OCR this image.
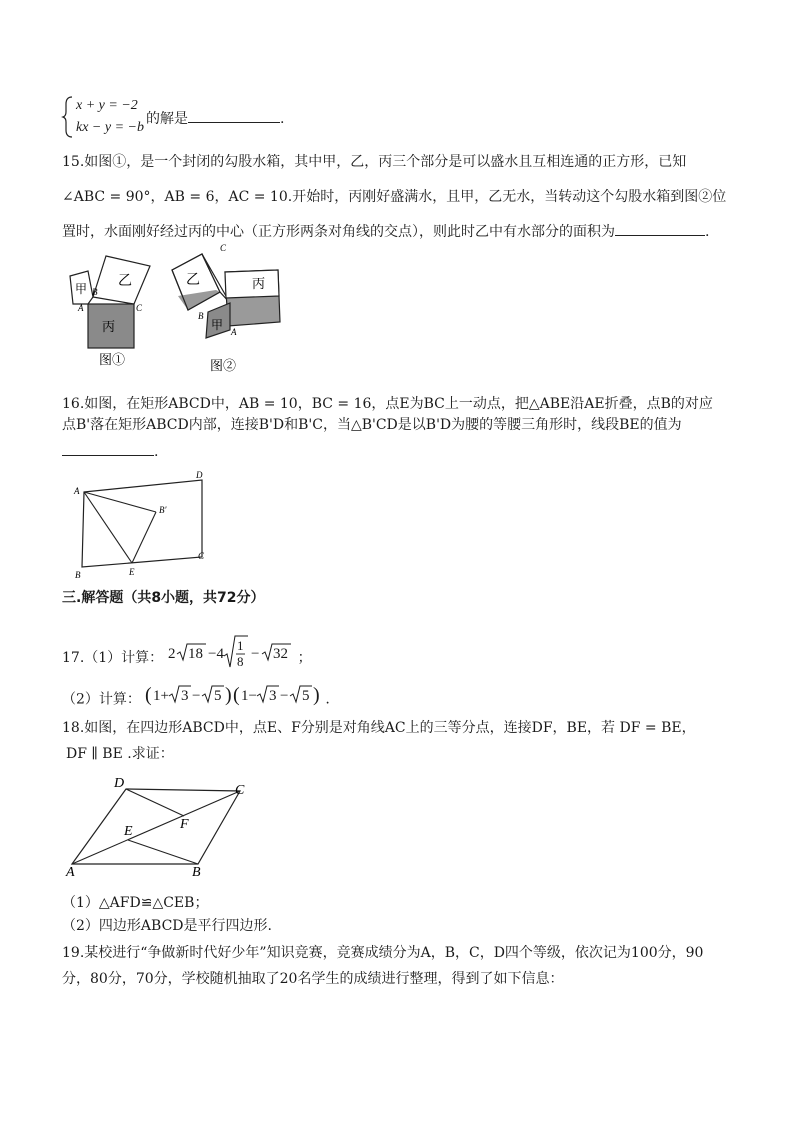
x + y = −2
kx − y = −b
的解是	.
15.如图①，是一个封闭的勾股水箱，其中甲，乙，丙三个部分是可以盛水且互相连通的正方形，已知
∠ABC = 90°，AB = 6，AC = 10.开始时，丙刚好盛满水，且甲，乙无水，当转动这个勾股水箱到图②位
置时，水面刚好经过丙的中心（正方形两条对角线的交点），则此时乙中有水部分的面积为	.
甲 乙
丙
A
B
C
图①
乙	丙
甲
C
B
A
图②
16.如图，在矩形ABCD中，AB = 10，BC = 16，点E为BC上一动点，把△ABE沿AE折叠，点B的对应
点B'落在矩形ABCD内部，连接B'D和B'C，当△B'CD是以B'D为腰的等腰三角形时，线段BE的值为
.
A
D
B'
C
E
B
三.解答题（共8小题，共72分）
17.（1）计算： 2 18 −4
1
8 − 32 ；
（2）计算： ( 1+ 3 − 5 ) ( 1− 3 − 5 ) .
18.如图，在四边形ABCD中，点E、F分别是对角线AC上的三等分点，连接DF，BE，若 DF = BE，
DF ∥ BE .求证：
D	C
F
E
A	B
（1）△AFD≌△CEB；
（2）四边形ABCD是平行四边形.
19.某校进行“争做新时代好少年”知识竞赛，竞赛成绩分为A，B，C，D四个等级，依次记为100分，90
分，80分，70分，学校随机抽取了20名学生的成绩进行整理，得到了如下信息：
